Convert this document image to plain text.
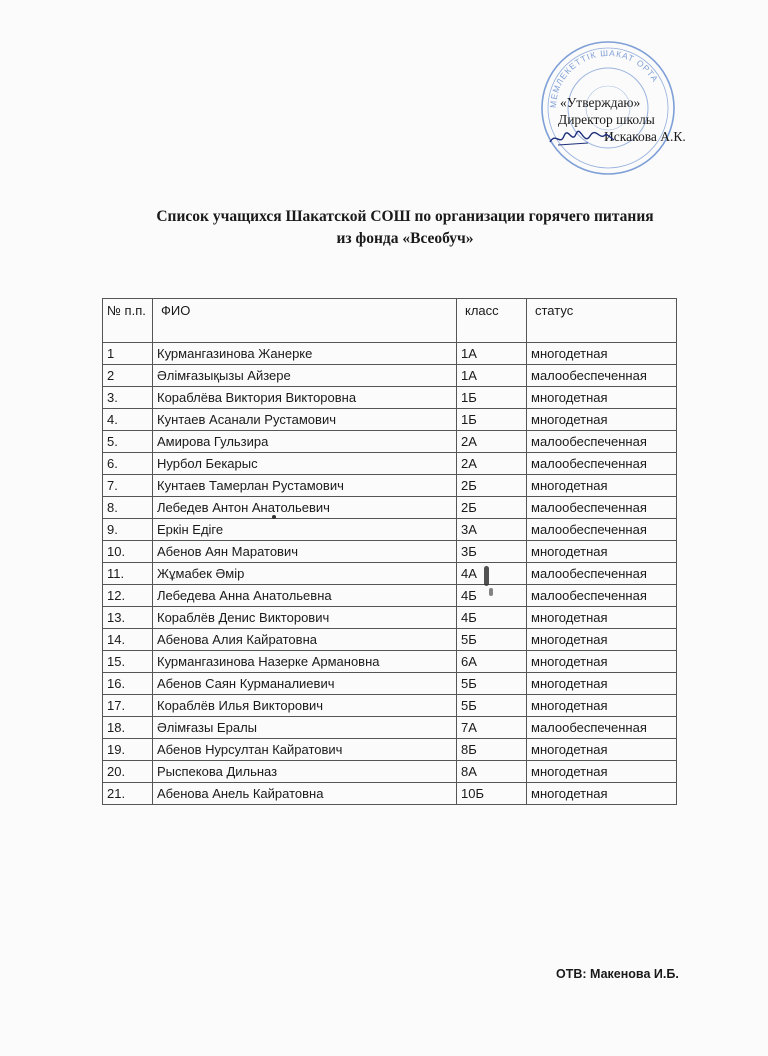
МЕМЛЕКЕТТІК ШАКАТ ОРТА
«Утверждаю»
Директор школы
Искакова А.К.
Список учащихся Шакатской СОШ по организации горячего питания
из фонда «Всеобуч»
№ п.п.	ФИО	класс	статус
1	Курмангазинова Жанерке	1А	многодетная
2	Әлімғазықызы Айзере	1А	малообеспеченная
3.	Кораблёва Виктория Викторовна	1Б	многодетная
4.	Кунтаев Асанали Рустамович	1Б	многодетная
5.	Амирова Гульзира	2А	малообеспеченная
6.	Нурбол Бекарыс	2А	малообеспеченная
7.	Кунтаев Тамерлан Рустамович	2Б	многодетная
8.	Лебедев Антон Анатольевич	2Б	малообеспеченная
9.	Еркін Едіге	3А	малообеспеченная
10.	Абенов Аян Маратович	3Б	многодетная
11.	Жұмабек Әмір	4А	малообеспеченная
12.	Лебедева Анна Анатольевна	4Б	малообеспеченная
13.	Кораблёв Денис Викторович	4Б	многодетная
14.	Абенова Алия Кайратовна	5Б	многодетная
15.	Курмангазинова Назерке Армановна	6А	многодетная
16.	Абенов Саян Курманалиевич	5Б	многодетная
17.	Кораблёв Илья Викторович	5Б	многодетная
18.	Әлімғазы Ералы	7А	малообеспеченная
19.	Абенов Нурсултан Кайратович	8Б	многодетная
20.	Рыспекова Дильназ	8А	многодетная
21.	Абенова Анель Кайратовна	10Б	многодетная
ОТВ: Макенова И.Б.
